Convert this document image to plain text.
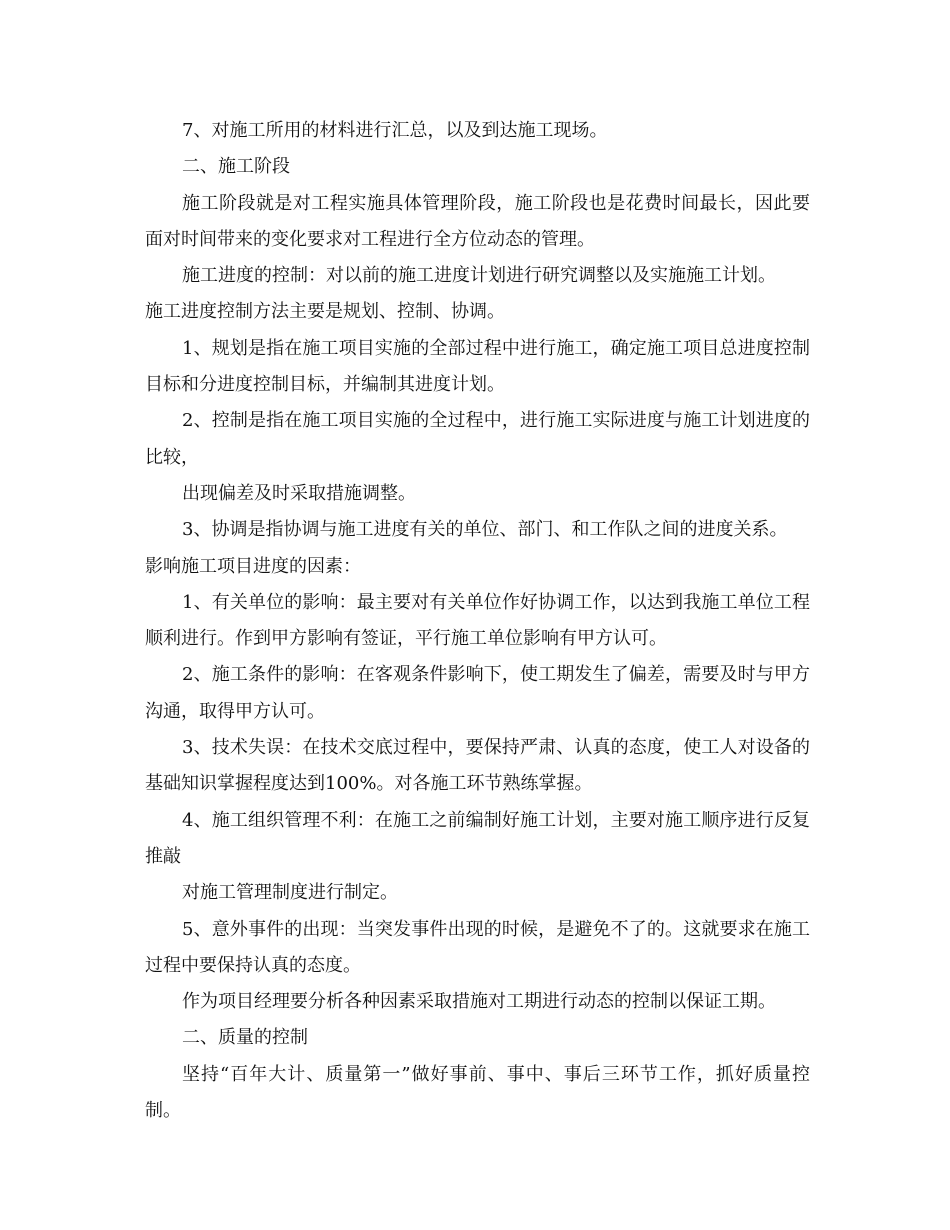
7、对施工所用的材料进行汇总，以及到达施工现场。

二、施工阶段

施工阶段就是对工程实施具体管理阶段，施工阶段也是花费时间最长，因此要面对时间带来的变化要求对工程进行全方位动态的管理。

施工进度的控制：对以前的施工进度计划进行研究调整以及实施施工计划。

施工进度控制方法主要是规划、控制、协调。

1、规划是指在施工项目实施的全部过程中进行施工，确定施工项目总进度控制目标和分进度控制目标，并编制其进度计划。

2、控制是指在施工项目实施的全过程中，进行施工实际进度与施工计划进度的比较，

出现偏差及时采取措施调整。

3、协调是指协调与施工进度有关的单位、部门、和工作队之间的进度关系。

影响施工项目进度的因素：

1、有关单位的影响：最主要对有关单位作好协调工作，以达到我施工单位工程顺利进行。作到甲方影响有签证，平行施工单位影响有甲方认可。

2、施工条件的影响：在客观条件影响下，使工期发生了偏差，需要及时与甲方沟通，取得甲方认可。

3、技术失误：在技术交底过程中，要保持严肃、认真的态度，使工人对设备的基础知识掌握程度达到100%。对各施工环节熟练掌握。

4、施工组织管理不利：在施工之前编制好施工计划，主要对施工顺序进行反复推敲

对施工管理制度进行制定。

5、意外事件的出现：当突发事件出现的时候，是避免不了的。这就要求在施工过程中要保持认真的态度。

作为项目经理要分析各种因素采取措施对工期进行动态的控制以保证工期。

二、质量的控制

坚持“百年大计、质量第一”做好事前、事中、事后三环节工作，抓好质量控制。
